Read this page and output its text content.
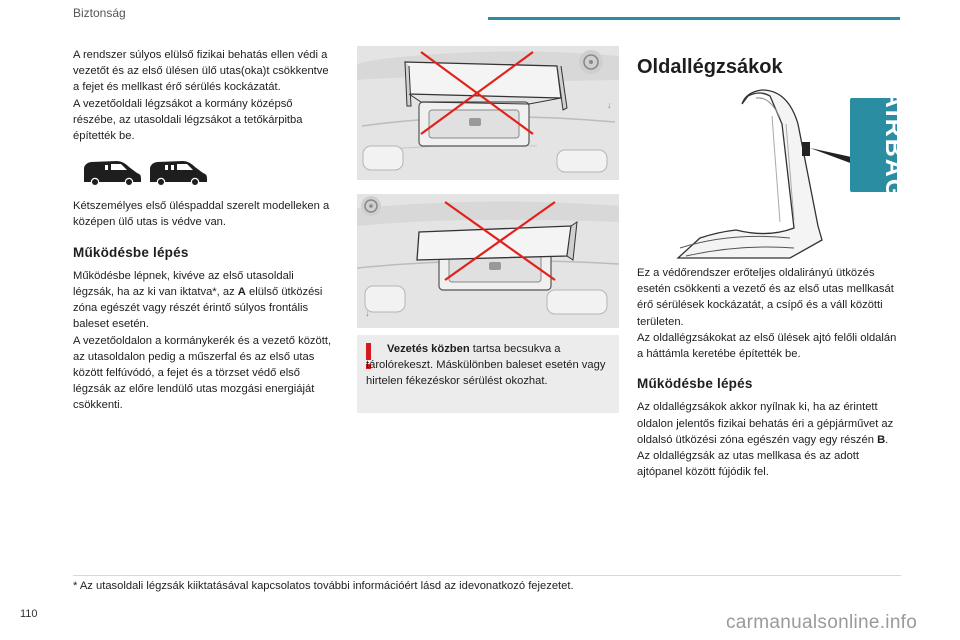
Biztonság

A rendszer súlyos elülső fizikai behatás ellen védi a vezetőt és az első ülésen ülő utas(oka)t csökkentve a fejet és mellkast érő sérülés kockázatát.

A vezetőoldali légzsákot a kormány középső részébe, az utasoldali légzsákot a tetőkárpitba építették be.

Kétszemélyes első üléspaddal szerelt modelleken a középen ülő utas is védve van.

Működésbe lépés

Működésbe lépnek, kivéve az első utasoldali légzsák, ha az ki van iktatva*, az A elülső ütközési zóna egészét vagy részét érintő súlyos frontális baleset esetén.

A vezetőoldalon a kormánykerék és a vezető között, az utasoldalon pedig a műszerfal és az első utas között felfúvódó, a fejet és a törzset védő első légzsák az előre lendülő utas mozgási energiáját csökkenti.

↓
↓
Vezetés közben tartsa becsukva a tárolórekeszt. Máskülönben baleset esetén vagy hirtelen fékezéskor sérülést okozhat.
Oldallégzsákok
AIRBAG

Ez a védőrendszer erőteljes oldalirányú ütközés esetén csökkenti a vezető és az első utas mellkasát érő sérülések kockázatát, a csípő és a váll közötti területen.

Az oldallégzsákokat az első ülések ajtó felőli oldalán a háttámla keretébe építették be.

Működésbe lépés

Az oldallégzsákok akkor nyílnak ki, ha az érintett oldalon jelentős fizikai behatás éri a gépjárművet az oldalsó ütközési zóna egészén vagy egy részén B.

Az oldallégzsák az utas mellkasa és az adott ajtópanel között fújódik fel.

* Az utasoldali légzsák kiiktatásával kapcsolatos további információért lásd az idevonatkozó fejezetet.
110	carmanualsonline.info
